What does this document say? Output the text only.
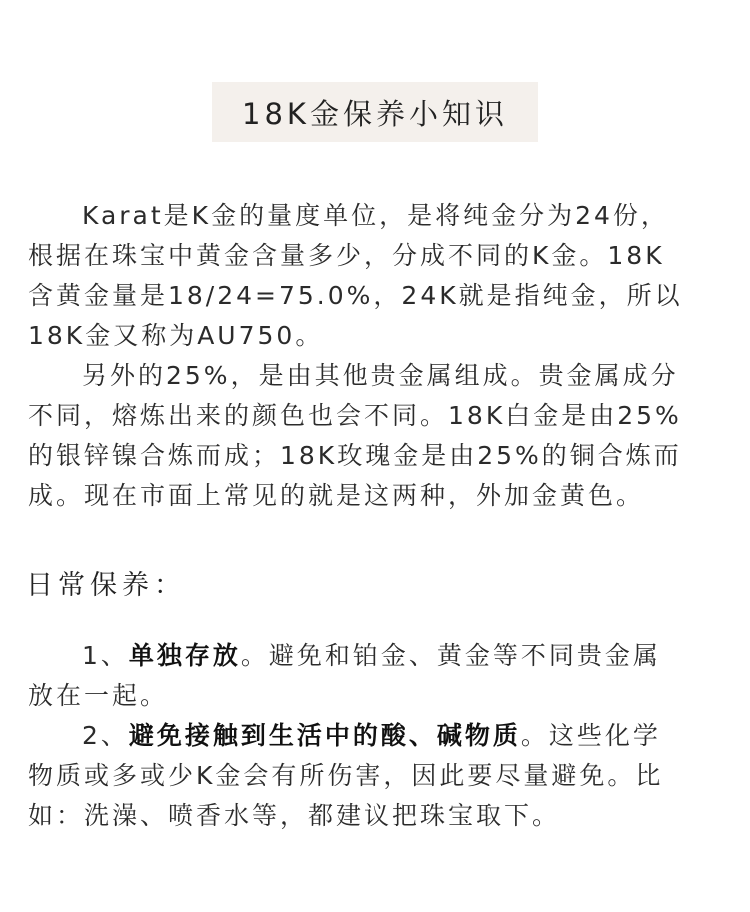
18K金保养小知识
Karat是K金的量度单位，是将纯金分为24份，
根据在珠宝中黄金含量多少，分成不同的K金。18K
含黄金量是18/24=75.0%，24K就是指纯金，所以
18K金又称为AU750。
另外的25%，是由其他贵金属组成。贵金属成分
不同，熔炼出来的颜色也会不同。18K白金是由25%
的银锌镍合炼而成；18K玫瑰金是由25%的铜合炼而
成。现在市面上常见的就是这两种，外加金黄色。
日常保养：
1、单独存放。避免和铂金、黄金等不同贵金属
放在一起。
2、避免接触到生活中的酸、碱物质。这些化学
物质或多或少K金会有所伤害，因此要尽量避免。比
如：洗澡、喷香水等，都建议把珠宝取下。
